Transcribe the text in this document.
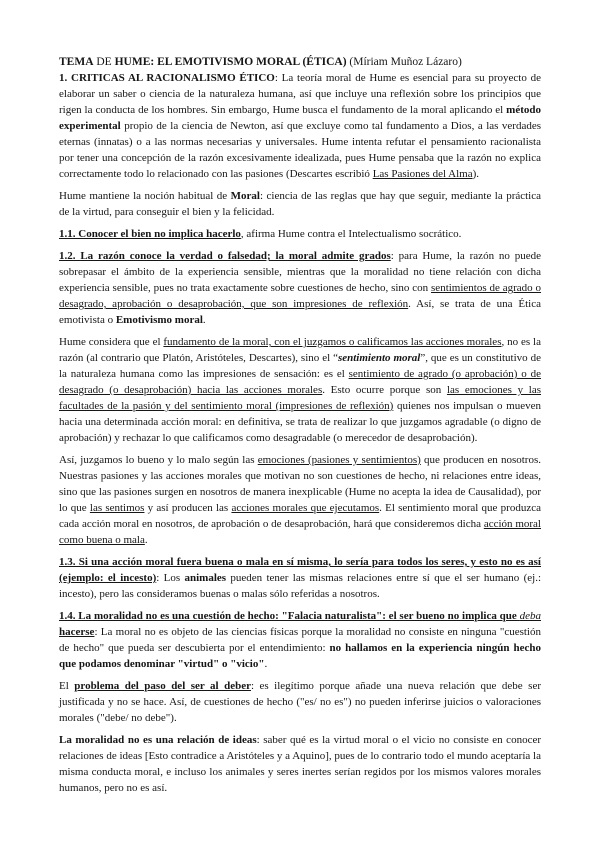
TEMA DE HUME: EL EMOTIVISMO MORAL (ÉTICA) (Míriam Muñoz Lázaro)

1. CRITICAS AL RACIONALISMO ÉTICO: La teoría moral de Hume es esencial para su proyecto de elaborar un saber o ciencia de la naturaleza humana, así que incluye una reflexión sobre los principios que rigen la conducta de los hombres. Sin embargo, Hume busca el fundamento de la moral aplicando el método experimental propio de la ciencia de Newton, así que excluye como tal fundamento a Dios, a las verdades eternas (innatas) o a las normas necesarias y universales. Hume intenta refutar el pensamiento racionalista por tener una concepción de la razón excesivamente idealizada, pues Hume pensaba que la razón no explica correctamente todo lo relacionado con las pasiones (Descartes escribió Las Pasiones del Alma).

Hume mantiene la noción habitual de Moral: ciencia de las reglas que hay que seguir, mediante la práctica de la virtud, para conseguir el bien y la felicidad.

1.1. Conocer el bien no implica hacerlo, afirma Hume contra el Intelectualismo socrático.

1.2. La razón conoce la verdad o falsedad; la moral admite grados: para Hume, la razón no puede sobrepasar el ámbito de la experiencia sensible, mientras que la moralidad no tiene relación con dicha experiencia sensible, pues no trata exactamente sobre cuestiones de hecho, sino con sentimientos de agrado o desagrado, aprobación o desaprobación, que son impresiones de reflexión. Así, se trata de una Ética emotivista o Emotivismo moral.

Hume considera que el fundamento de la moral, con el juzgamos o calificamos las acciones morales, no es la razón (al contrario que Platón, Aristóteles, Descartes), sino el “sentimiento moral”, que es un constitutivo de la naturaleza humana como las impresiones de sensación: es el sentimiento de agrado (o aprobación) o de desagrado (o desaprobación) hacia las acciones morales. Esto ocurre porque son las emociones y las facultades de la pasión y del sentimiento moral (impresiones de reflexión) quienes nos impulsan o mueven hacia una determinada acción moral: en definitiva, se trata de realizar lo que juzgamos agradable (o digno de aprobación) y rechazar lo que calificamos como desagradable (o merecedor de desaprobación).

Así, juzgamos lo bueno y lo malo según las emociones (pasiones y sentimientos) que producen en nosotros. Nuestras pasiones y las acciones morales que motivan no son cuestiones de hecho, ni relaciones entre ideas, sino que las pasiones surgen en nosotros de manera inexplicable (Hume no acepta la idea de Causalidad), por lo que las sentimos y así producen las acciones morales que ejecutamos. El sentimiento moral que produzca cada acción moral en nosotros, de aprobación o de desaprobación, hará que consideremos dicha acción moral como buena o mala.

1.3. Si una acción moral fuera buena o mala en sí misma, lo sería para todos los seres, y esto no es así (ejemplo: el incesto): Los animales pueden tener las mismas relaciones entre sí que el ser humano (ej.: incesto), pero las consideramos buenas o malas sólo referidas a nosotros.

1.4. La moralidad no es una cuestión de hecho: "Falacia naturalista": el ser bueno no implica que deba hacerse: La moral no es objeto de las ciencias físicas porque la moralidad no consiste en ninguna "cuestión de hecho" que pueda ser descubierta por el entendimiento: no hallamos en la experiencia ningún hecho que podamos denominar "virtud" o "vicio".

El problema del paso del ser al deber: es ilegítimo porque añade una nueva relación que debe ser justificada y no se hace. Así, de cuestiones de hecho ("es/ no es") no pueden inferirse juicios o valoraciones morales ("debe/ no debe").

La moralidad no es una relación de ideas: saber qué es la virtud moral o el vicio no consiste en conocer relaciones de ideas [Esto contradice a Aristóteles y a Aquino], pues de lo contrario todo el mundo aceptaría la misma conducta moral, e incluso los animales y seres inertes serían regidos por los mismos valores morales humanos, pero no es así.
